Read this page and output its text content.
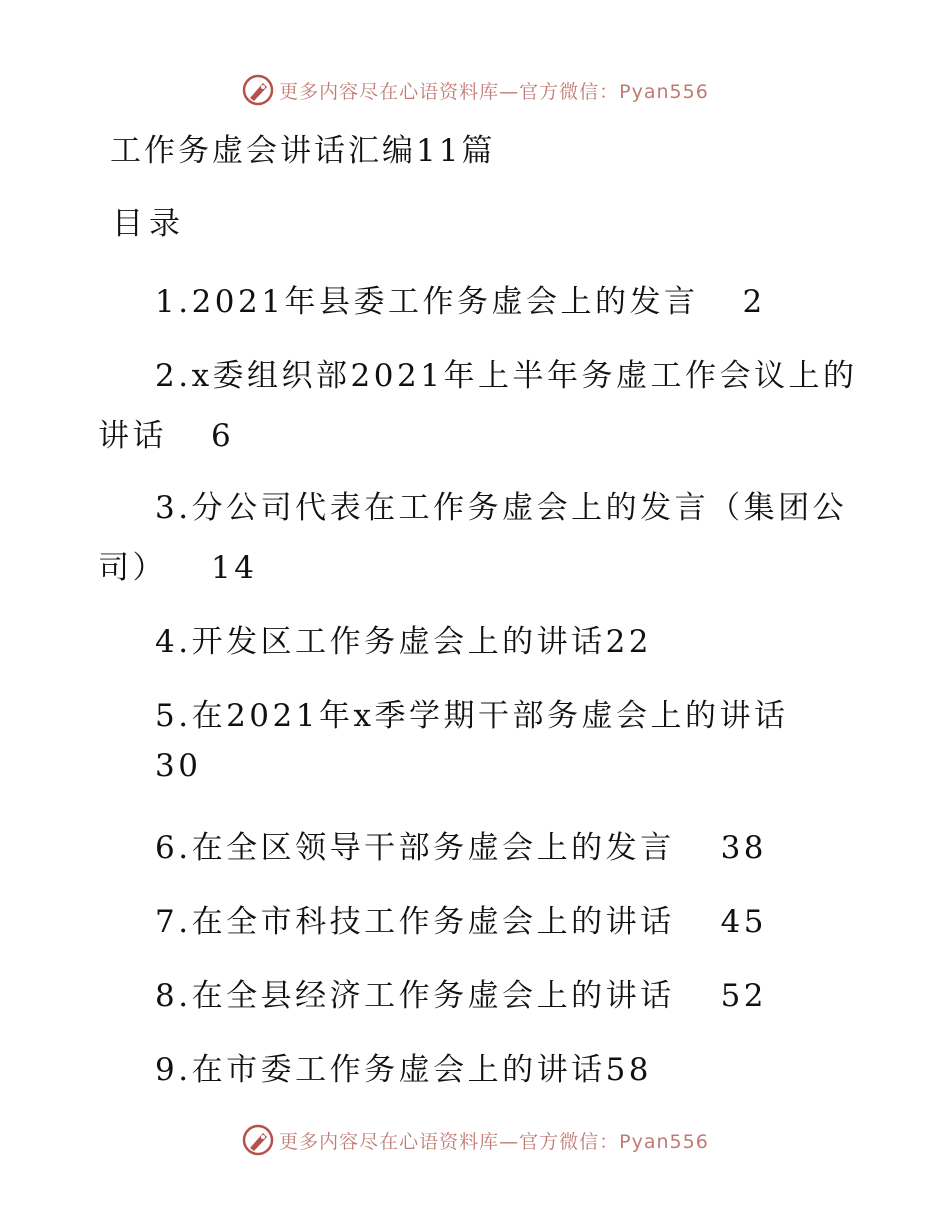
更多内容尽在心语资料库—官方微信：Pyan556
工作务虚会讲话汇编11篇
目录

1.2021年县委工作务虚会上的发言 2

2.x委组织部2021年上半年务虚工作会议上的

讲话 6

3.分公司代表在工作务虚会上的发言（集团公

司） 14

4.开发区工作务虚会上的讲话22

5.在2021年x季学期干部务虚会上的讲话

30

6.在全区领导干部务虚会上的发言 38

7.在全市科技工作务虚会上的讲话 45

8.在全县经济工作务虚会上的讲话 52

9.在市委工作务虚会上的讲话58

更多内容尽在心语资料库—官方微信：Pyan556
